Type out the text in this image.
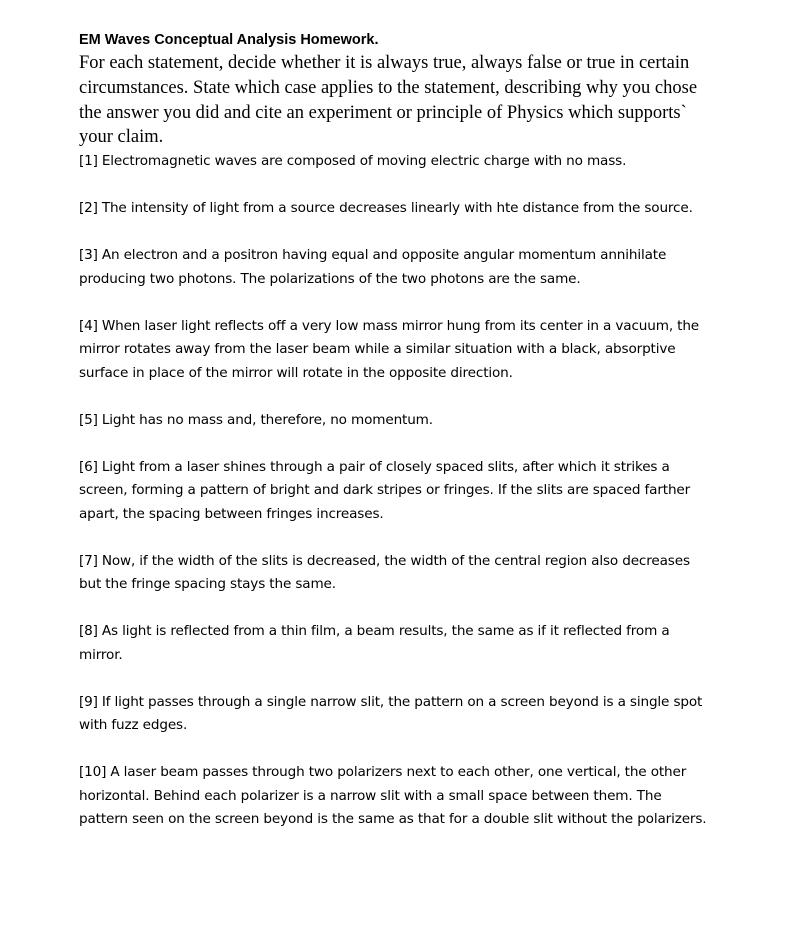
EM Waves Conceptual Analysis Homework.

For each statement, decide whether it is always true, always false or true in certain circumstances. State which case applies to the statement, describing why you chose the answer you did and cite an experiment or principle of Physics which supports` your claim.

[1] Electromagnetic waves are composed of moving electric charge with no mass.
[2] The intensity of light from a source decreases linearly with hte distance from the source.
[3] An electron and a positron having equal and opposite angular momentum annihilate producing two photons. The polarizations of the two photons are the same.
[4] When laser light reflects off a very low mass mirror hung from its center in a vacuum, the mirror rotates away from the laser beam while a similar situation with a black, absorptive surface in place of the mirror will rotate in the opposite direction.
[5] Light has no mass and, therefore, no momentum.
[6] Light from a laser shines through a pair of closely spaced slits, after which it strikes a screen, forming a pattern of bright and dark stripes or fringes. If the slits are spaced farther apart, the spacing between fringes increases.
[7] Now, if the width of the slits is decreased, the width of the central region also decreases but the fringe spacing stays the same.
[8] As light is reflected from a thin film, a beam results, the same as if it reflected from a mirror.
[9] If light passes through a single narrow slit, the pattern on a screen beyond is a single spot with fuzz edges.
[10] A laser beam passes through two polarizers next to each other, one vertical, the other horizontal. Behind each polarizer is a narrow slit with a small space between them. The pattern seen on the screen beyond is the same as that for a double slit without the polarizers.
